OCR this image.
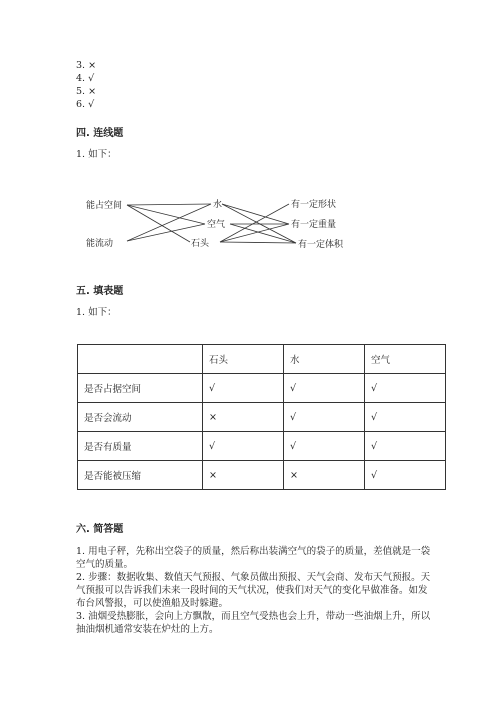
3. ×
4. √
5. ×
6. √
四. 连线题
1. 如下：
能占空间
能流动
水
空气
石头
有一定形状
有一定重量
有一定体积
五. 填表题
1. 如下：
	石头	水	空气
是否占据空间	√	√	√
是否会流动	×	√	√
是否有质量	√	√	√
是否能被压缩	×	×	√
六. 简答题
1. 用电子秤，先称出空袋子的质量，然后称出装满空气的袋子的质量，差值就是一袋空气的质量。
2. 步骤：数据收集、数值天气预报、气象员做出预报、天气会商、发布天气预报。天气预报可以告诉我们未来一段时间的天气状况，使我们对天气的变化早做准备。如发布台风警报，可以使渔船及时躲避。
3. 油烟受热膨胀，会向上方飘散，而且空气受热也会上升，带动一些油烟上升，所以抽油烟机通常安装在炉灶的上方。
